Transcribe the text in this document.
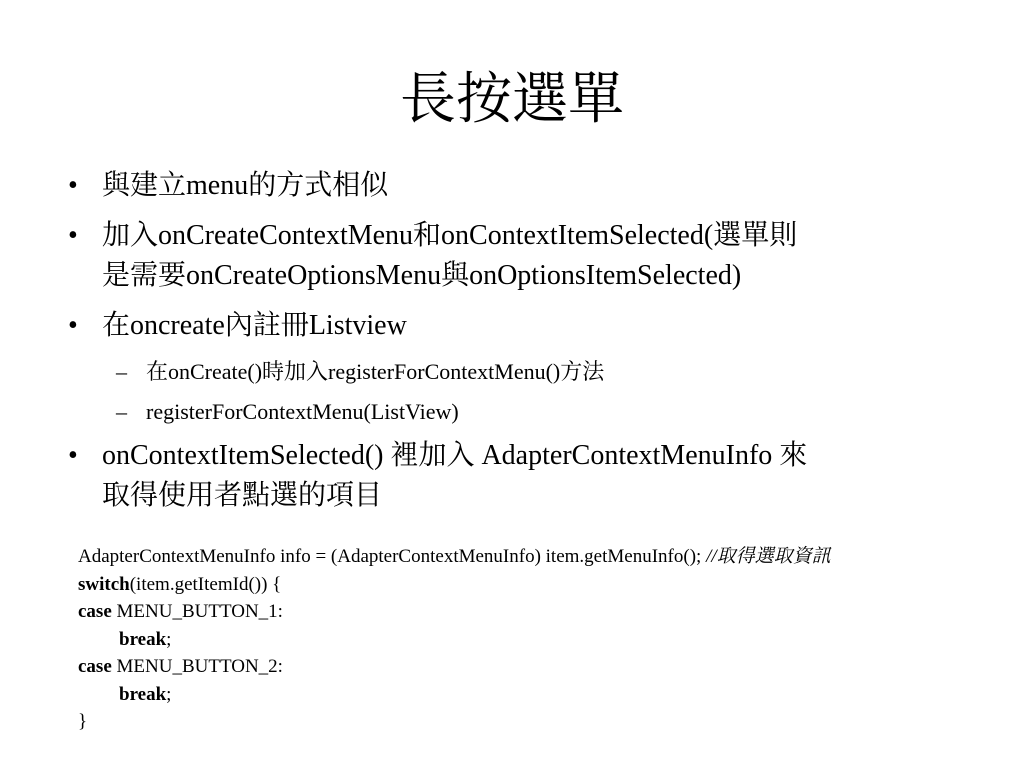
長按選單
• 與建立menu的方式相似
• 加入onCreateContextMenu和onContextItemSelected(選單則
是需要onCreateOptionsMenu與onOptionsItemSelected)
• 在oncreate內註冊Listview
– 在onCreate()時加入registerForContextMenu()方法
– registerForContextMenu(ListView)
• onContextItemSelected() 裡加入 AdapterContextMenuInfo 來
取得使用者點選的項目
AdapterContextMenuInfo info = (AdapterContextMenuInfo) item.getMenuInfo(); //取得選取資訊
switch(item.getItemId()) {
case MENU_BUTTON_1:
break;
case MENU_BUTTON_2:
break;
}
